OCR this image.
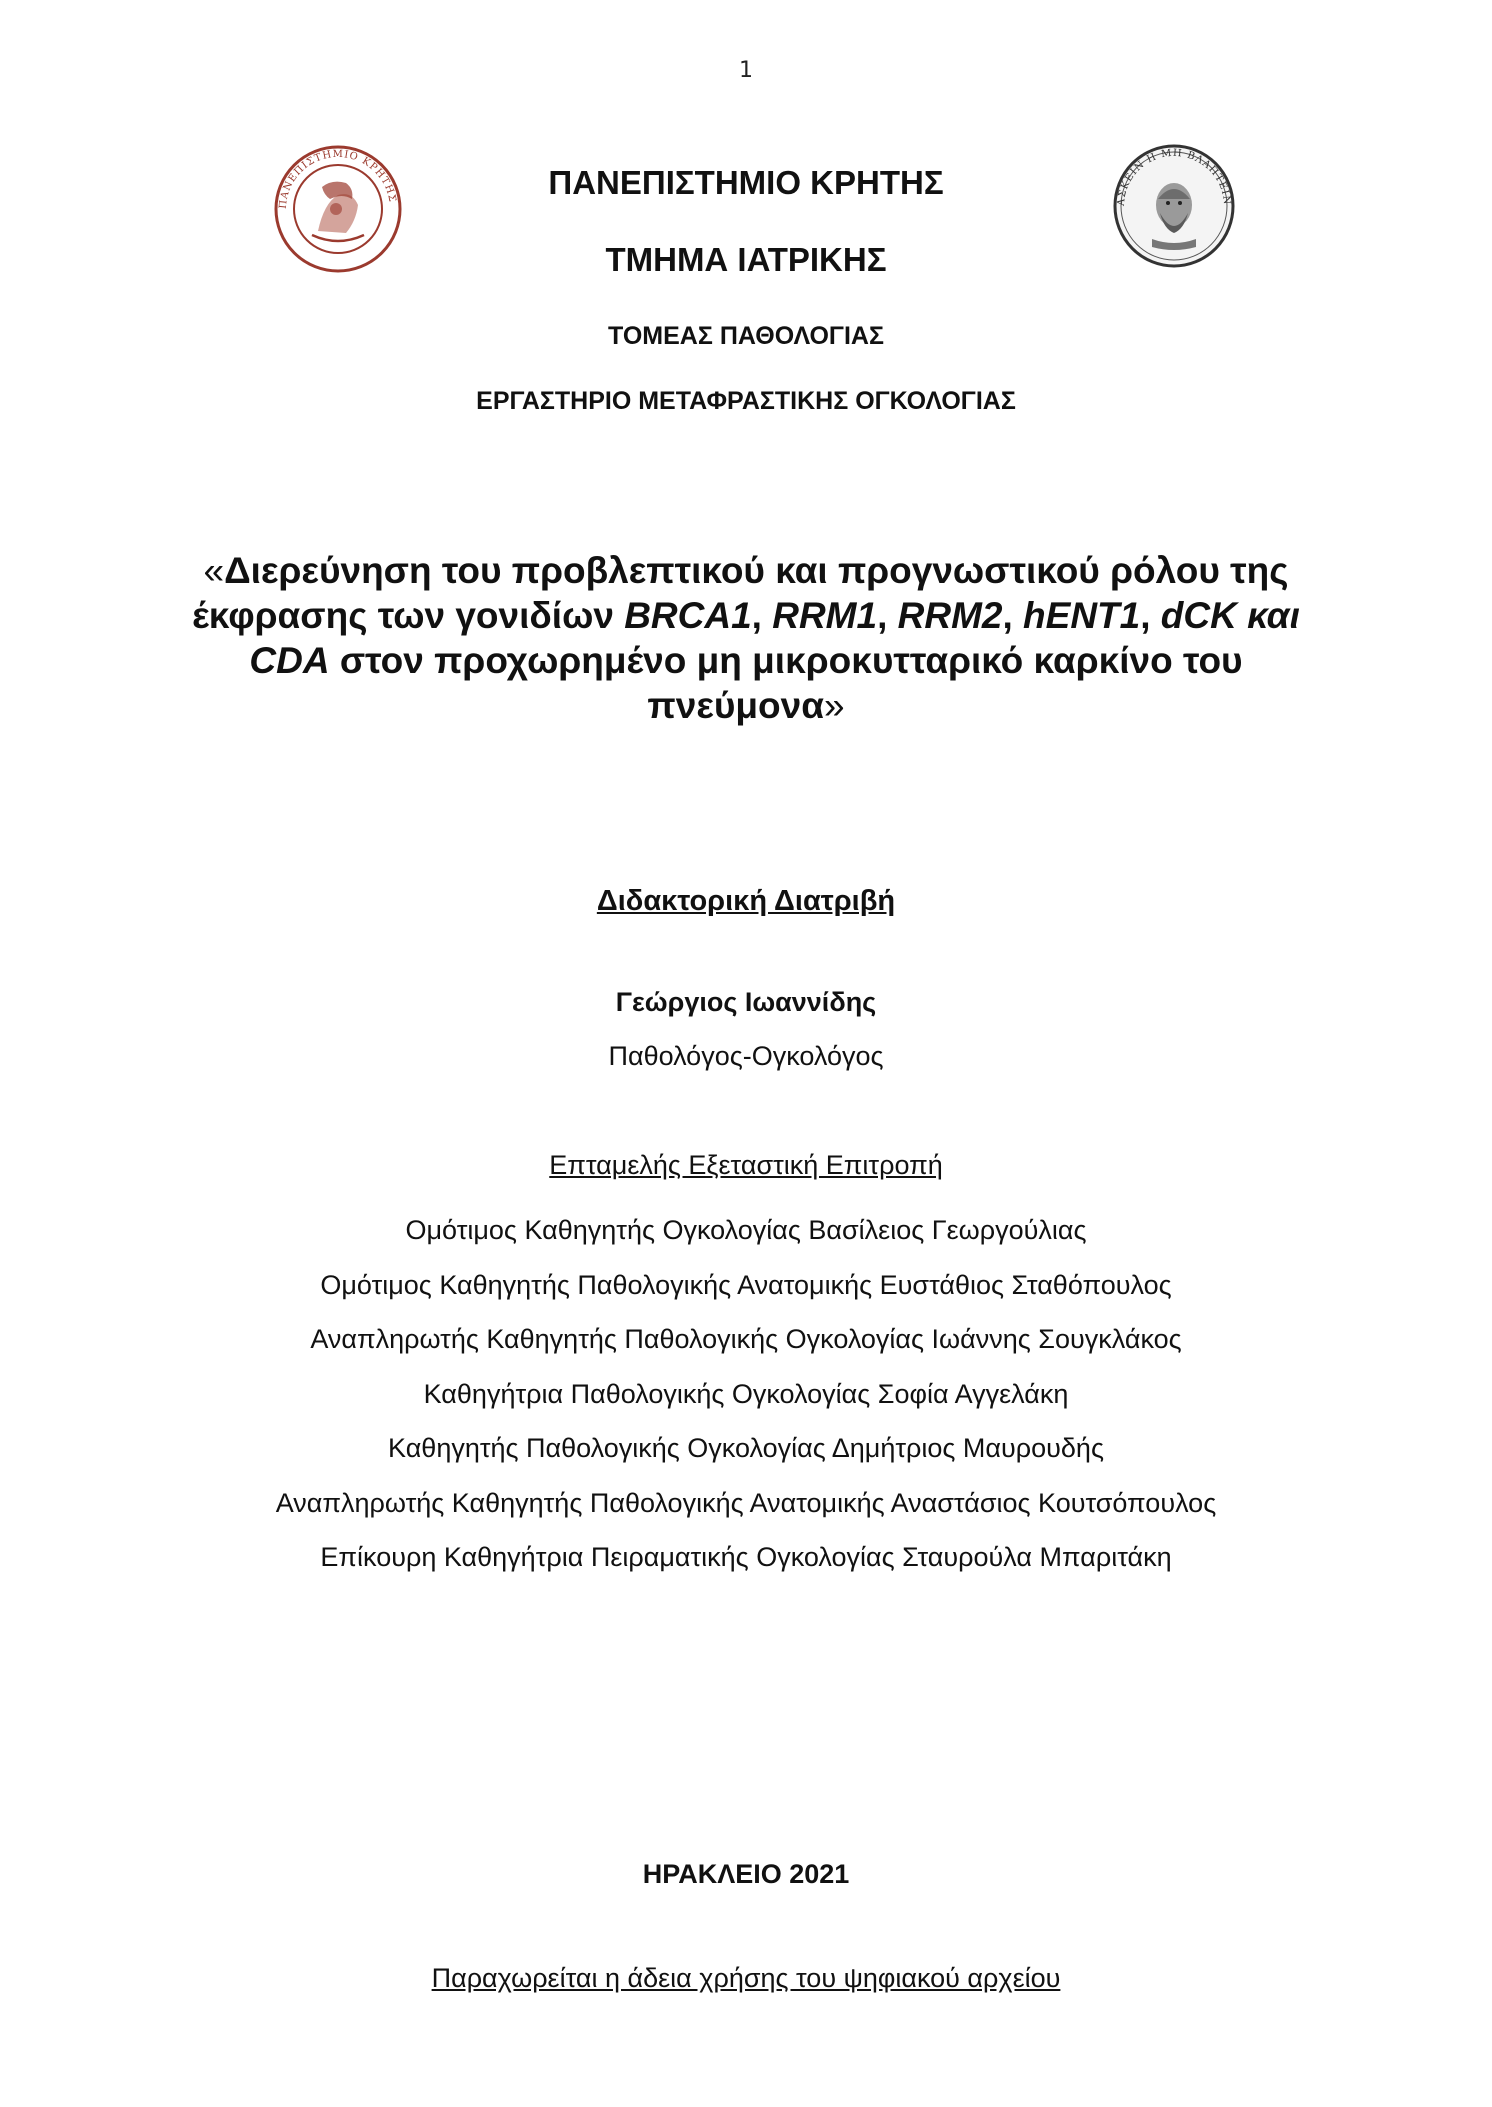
1
ΠΑΝΕΠΙΣΤΗΜΙΟ ΚΡΗΤΗΣ	ΑΣΚΕΙΝ Η ΜΗ ΒΛΑΠΤΕΙΝ
ΠΑΝΕΠΙΣΤΗΜΙΟ ΚΡΗΤΗΣ
ΤΜΗΜΑ ΙΑΤΡΙΚΗΣ
ΤΟΜΕΑΣ ΠΑΘΟΛΟΓΙΑΣ
ΕΡΓΑΣΤΗΡΙΟ ΜΕΤΑΦΡΑΣΤΙΚΗΣ ΟΓΚΟΛΟΓΙΑΣ
«Διερεύνηση του προβλεπτικού και προγνωστικού ρόλου της
έκφρασης των γονιδίων BRCA1, RRM1, RRM2, hENT1, dCK και
CDA στον προχωρημένο μη μικροκυτταρικό καρκίνο του
πνεύμονα»
Διδακτορική Διατριβή
Γεώργιος Ιωαννίδης
Παθολόγος-Ογκολόγος
Επταμελής Εξεταστική Επιτροπή
Ομότιμος Καθηγητής Ογκολογίας Βασίλειος Γεωργούλιας
Ομότιμος Καθηγητής Παθολογικής Ανατομικής Ευστάθιος Σταθόπουλος
Αναπληρωτής Καθηγητής Παθολογικής Ογκολογίας Ιωάννης Σουγκλάκος
Καθηγήτρια Παθολογικής Ογκολογίας Σοφία Αγγελάκη
Καθηγητής Παθολογικής Ογκολογίας Δημήτριος Μαυρουδής
Αναπληρωτής Καθηγητής Παθολογικής Ανατομικής Αναστάσιος Κουτσόπουλος
Επίκουρη Καθηγήτρια Πειραματικής Ογκολογίας Σταυρούλα Μπαριτάκη
ΗΡΑΚΛΕΙΟ 2021
Παραχωρείται η άδεια χρήσης του ψηφιακού αρχείου
